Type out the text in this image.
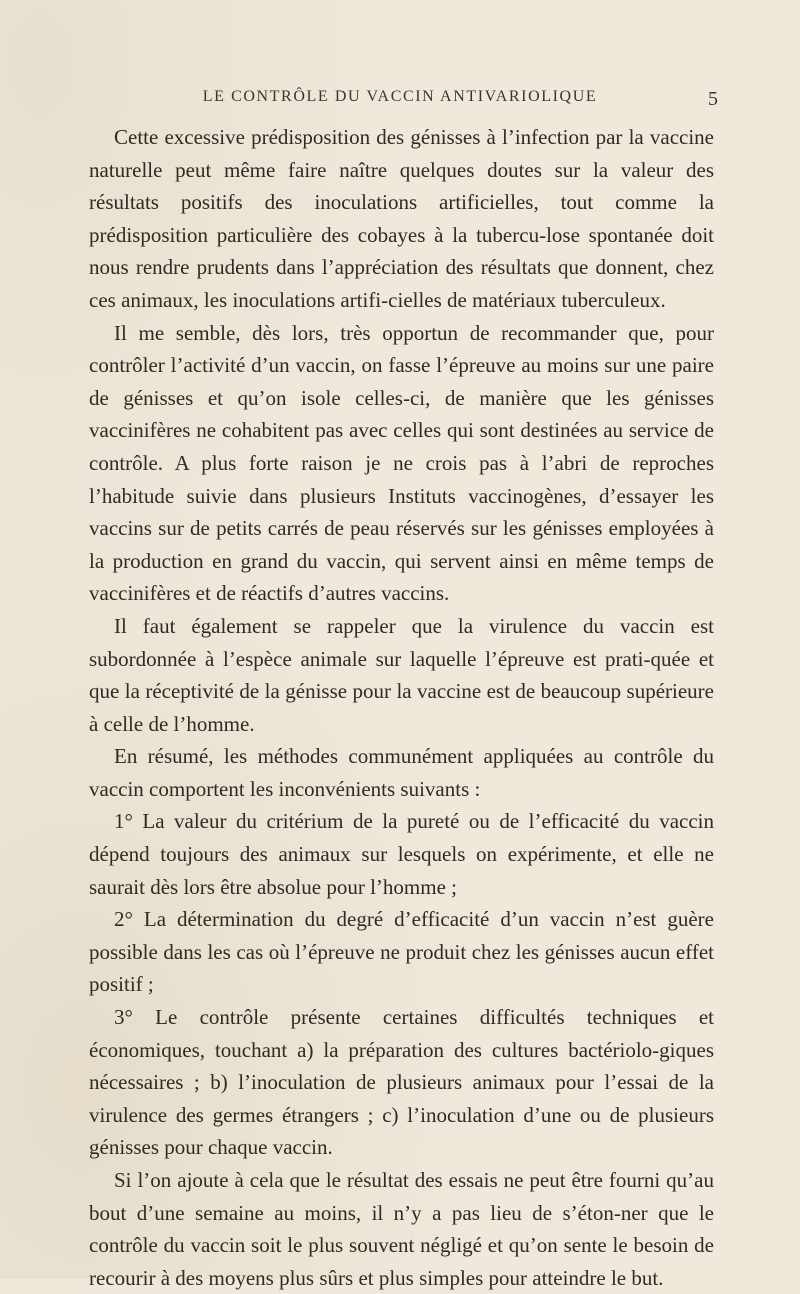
LE CONTRÔLE DU VACCIN ANTIVARIOLIQUE	5

Cette excessive prédisposition des génisses à l’infection par la vaccine naturelle peut même faire naître quelques doutes sur la valeur des résultats positifs des inoculations artificielles, tout comme la prédisposition particulière des cobayes à la tubercu-lose spontanée doit nous rendre prudents dans l’appréciation des résultats que donnent, chez ces animaux, les inoculations artifi-cielles de matériaux tuberculeux.

Il me semble, dès lors, très opportun de recommander que, pour contrôler l’activité d’un vaccin, on fasse l’épreuve au moins sur une paire de génisses et qu’on isole celles-ci, de manière que les génisses vaccinifères ne cohabitent pas avec celles qui sont destinées au service de contrôle. A plus forte raison je ne crois pas à l’abri de reproches l’habitude suivie dans plusieurs Instituts vaccinogènes, d’essayer les vaccins sur de petits carrés de peau réservés sur les génisses employées à la production en grand du vaccin, qui servent ainsi en même temps de vaccinifères et de réactifs d’autres vaccins.

Il faut également se rappeler que la virulence du vaccin est subordonnée à l’espèce animale sur laquelle l’épreuve est prati-quée et que la réceptivité de la génisse pour la vaccine est de beaucoup supérieure à celle de l’homme.

En résumé, les méthodes communément appliquées au contrôle du vaccin comportent les inconvénients suivants :

1° La valeur du critérium de la pureté ou de l’efficacité du vaccin dépend toujours des animaux sur lesquels on expérimente, et elle ne saurait dès lors être absolue pour l’homme ;

2° La détermination du degré d’efficacité d’un vaccin n’est guère possible dans les cas où l’épreuve ne produit chez les génisses aucun effet positif ;

3° Le contrôle présente certaines difficultés techniques et économiques, touchant a) la préparation des cultures bactériolo-giques nécessaires ; b) l’inoculation de plusieurs animaux pour l’essai de la virulence des germes étrangers ; c) l’inoculation d’une ou de plusieurs génisses pour chaque vaccin.

Si l’on ajoute à cela que le résultat des essais ne peut être fourni qu’au bout d’une semaine au moins, il n’y a pas lieu de s’éton-ner que le contrôle du vaccin soit le plus souvent négligé et qu’on sente le besoin de recourir à des moyens plus sûrs et plus simples pour atteindre le but.
